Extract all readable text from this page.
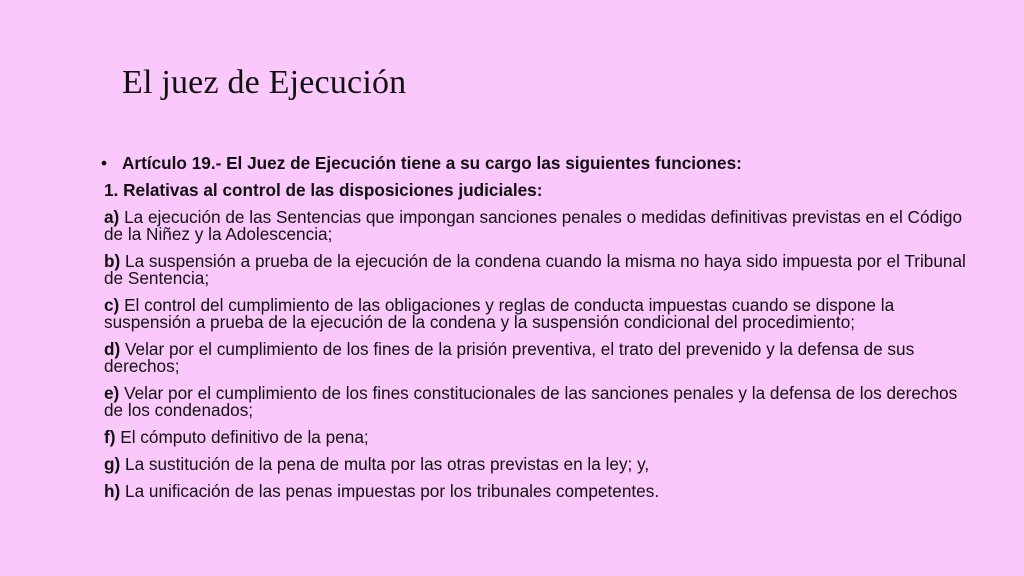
El juez de Ejecución
• Artículo 19.- El Juez de Ejecución tiene a su cargo las siguientes funciones:
1. Relativas al control de las disposiciones judiciales:
a) La ejecución de las Sentencias que impongan sanciones penales o medidas definitivas previstas en el Código de la Niñez y la Adolescencia;
b) La suspensión a prueba de la ejecución de la condena cuando la misma no haya sido impuesta por el Tribunal de Sentencia;
c) El control del cumplimiento de las obligaciones y reglas de conducta impuestas cuando se dispone la suspensión a prueba de la ejecución de la condena y la suspensión condicional del procedimiento;
d) Velar por el cumplimiento de los fines de la prisión preventiva, el trato del prevenido y la defensa de sus derechos;
e) Velar por el cumplimiento de los fines constitucionales de las sanciones penales y la defensa de los derechos de los condenados;
f) El cómputo definitivo de la pena;
g) La sustitución de la pena de multa por las otras previstas en la ley; y,
h) La unificación de las penas impuestas por los tribunales competentes.
